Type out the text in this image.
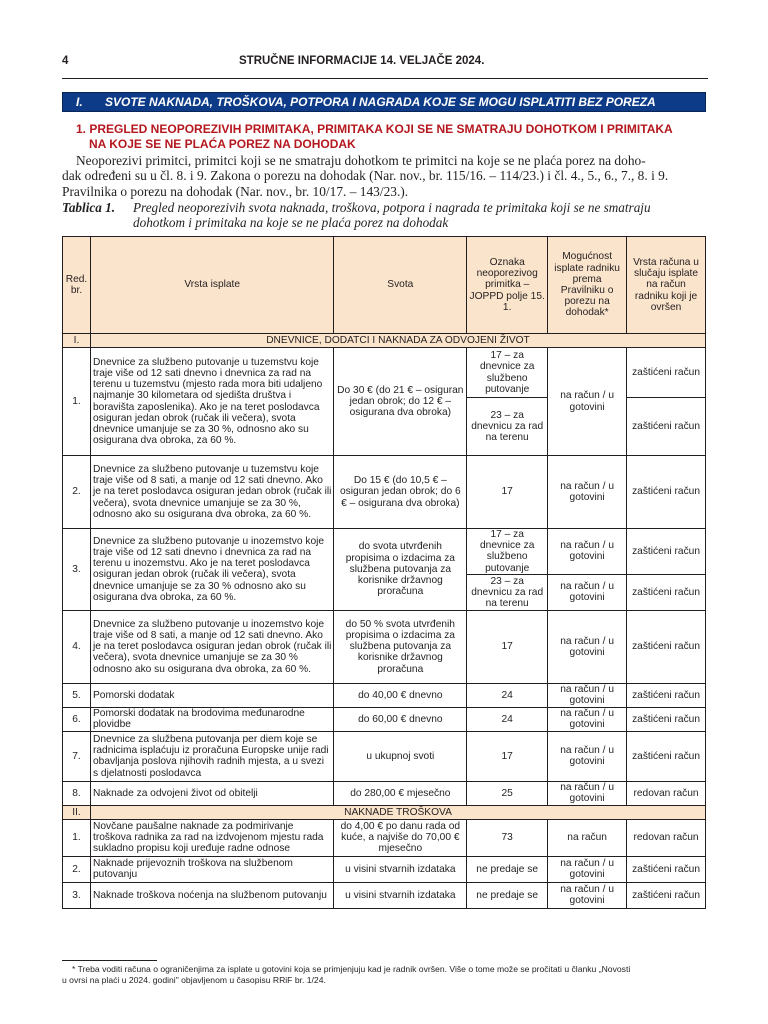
4	STRUČNE INFORMACIJE 14. VELJAČE 2024.
I. SVOTE NAKNADA, TROŠKOVA, POTPORA I NAGRADA KOJE SE MOGU ISPLATITI BEZ POREZA
1. PREGLED NEOPOREZIVIH PRIMITAKA, PRIMITAKA KOJI SE NE SMATRAJU DOHOTKOM I PRIMITAKA
NA KOJE SE NE PLAĆA POREZ NA DOHODAK
Neoporezivi primitci, primitci koji se ne smatraju dohotkom te primitci na koje se ne plaća porez na doho-
dak određeni su u čl. 8. i 9. Zakona o porezu na dohodak (Nar. nov., br. 115/16. – 114/23.) i čl. 4., 5., 6., 7., 8. i 9.
Pravilnika o porezu na dohodak (Nar. nov., br. 10/17. – 143/23.).
Tablica 1. Pregled neoporezivih svota naknada, troškova, potpora i nagrada te primitaka koji se ne smatraju
dohotkom i primitaka na koje se ne plaća porez na dohodak
Red. br.	Vrsta isplate	Svota	Oznaka neoporezivog primitka – JOPPD polje 15. 1.	Mogućnost isplate radniku prema Pravilniku o porezu na dohodak*	Vrsta računa u slučaju isplate na račun radniku koji je ovršen
I.	DNEVNICE, DODATCI I NAKNADA ZA ODVOJENI ŽIVOT				
1.	Dnevnice za službeno putovanje u tuzemstvu koje traje više od 12 sati dnevno i dnevnica za rad na terenu u tuzemstvu (mjesto rada mora biti udaljeno najmanje 30 kilometara od sjedišta društva i boravišta zaposlenika). Ako je na teret poslodavca osiguran jedan obrok (ručak ili večera), svota dnevnice umanjuje se za 30 %, odnosno ako su osigurana dva obroka, za 60 %.	Do 30 € (do 21 € – osiguran jedan obrok; do 12 € – osigurana dva obroka)	17 – za dnevnice za službeno putovanje	na račun / u gotovini	zaštićeni račun
			23 – za dnevnicu za rad na terenu		zaštićeni račun
2.	Dnevnice za službeno putovanje u tuzemstvu koje traje više od 8 sati, a manje od 12 sati dnevno. Ako je na teret poslodavca osiguran jedan obrok (ručak ili večera), svota dnevnice umanjuje se za 30 %, odnosno ako su osigurana dva obroka, za 60 %.	Do 15 € (do 10,5 € – osiguran jedan obrok; do 6 € – osigurana dva obroka)	17	na račun / u gotovini	zaštićeni račun
3.	Dnevnice za službeno putovanje u inozemstvo koje traje više od 12 sati dnevno i dnevnica za rad na terenu u inozemstvu. Ako je na teret poslodavca osiguran jedan obrok (ručak ili večera), svota dnevnice umanjuje se za 30 % odnosno ako su osigurana dva obroka, za 60 %.	do svota utvrđenih propisima o izdacima za službena putovanja za korisnike državnog proračuna	17 – za dnevnice za službeno putovanje	na račun / u gotovini	zaštićeni račun
			23 – za dnevnicu za rad na terenu	na račun / u gotovini	zaštićeni račun
4.	Dnevnice za službeno putovanje u inozemstvo koje traje više od 8 sati, a manje od 12 sati dnevno. Ako je na teret poslodavca osiguran jedan obrok (ručak ili večera), svota dnevnice umanjuje se za 30 % odnosno ako su osigurana dva obroka, za 60 %.	do 50 % svota utvrđenih propisima o izdacima za službena putovanja za korisnike državnog proračuna	17	na račun / u gotovini	zaštićeni račun
5.	Pomorski dodatak	do 40,00 € dnevno	24	na račun / u gotovini	zaštićeni račun
6.	Pomorski dodatak na brodovima međunarodne plovidbe	do 60,00 € dnevno	24	na račun / u gotovini	zaštićeni račun
7.	Dnevnice za službena putovanja per diem koje se radnicima isplaćuju iz proračuna Europske unije radi obavljanja poslova njihovih radnih mjesta, a u svezi s djelatnosti poslodavca	u ukupnoj svoti	17	na račun / u gotovini	zaštićeni račun
8.	Naknade za odvojeni život od obitelji	do 280,00 € mjesečno	25	na račun / u gotovini	redovan račun
II.	NAKNADE TROŠKOVA				
1.	Novčane paušalne naknade za podmirivanje troškova radnika za rad na izdvojenom mjestu rada sukladno propisu koji uređuje radne odnose	do 4,00 € po danu rada od kuće, a najviše do 70,00 € mjesečno	73	na račun	redovan račun
2.	Naknade prijevoznih troškova na službenom putovanju	u visini stvarnih izdataka	ne predaje se	na račun / u gotovini	zaštićeni račun
3.	Naknade troškova noćenja na službenom putovanju	u visini stvarnih izdataka	ne predaje se	na račun / u gotovini	zaštićeni račun
* Treba voditi računa o ograničenjima za isplate u gotovini koja se primjenjuju kad je radnik ovršen. Više o tome može se pročitati u članku „Novosti
u ovrsi na plaći u 2024. godini" objavljenom u časopisu RRiF br. 1/24.
